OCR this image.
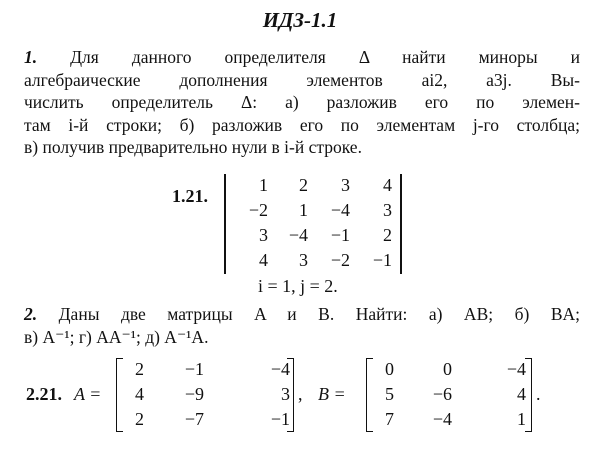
ИДЗ-1.1
1. Для данного определителя Δ найти миноры и
алгебраические дополнения элементов ai2, a3j. Вы-
числить определитель Δ: а) разложив его по элемен-
там i-й строки; б) разложив его по элементам j-го столбца;
в) получив предварительно нули в i-й строке.
1.21.
1	2	3	4
−2	1	−4	3
3	−4	−1	2
4	3	−2	−1
i = 1, j = 2.
2. Даны две матрицы A и B. Найти: а) AB; б) BA;
в) A⁻¹; г) AA⁻¹; д) A⁻¹A.
2.21. A =
2	−1	−4
4	−9	3
2	−7	−1
, B =
0	0	−4
5	−6	4
7	−4	1
.
